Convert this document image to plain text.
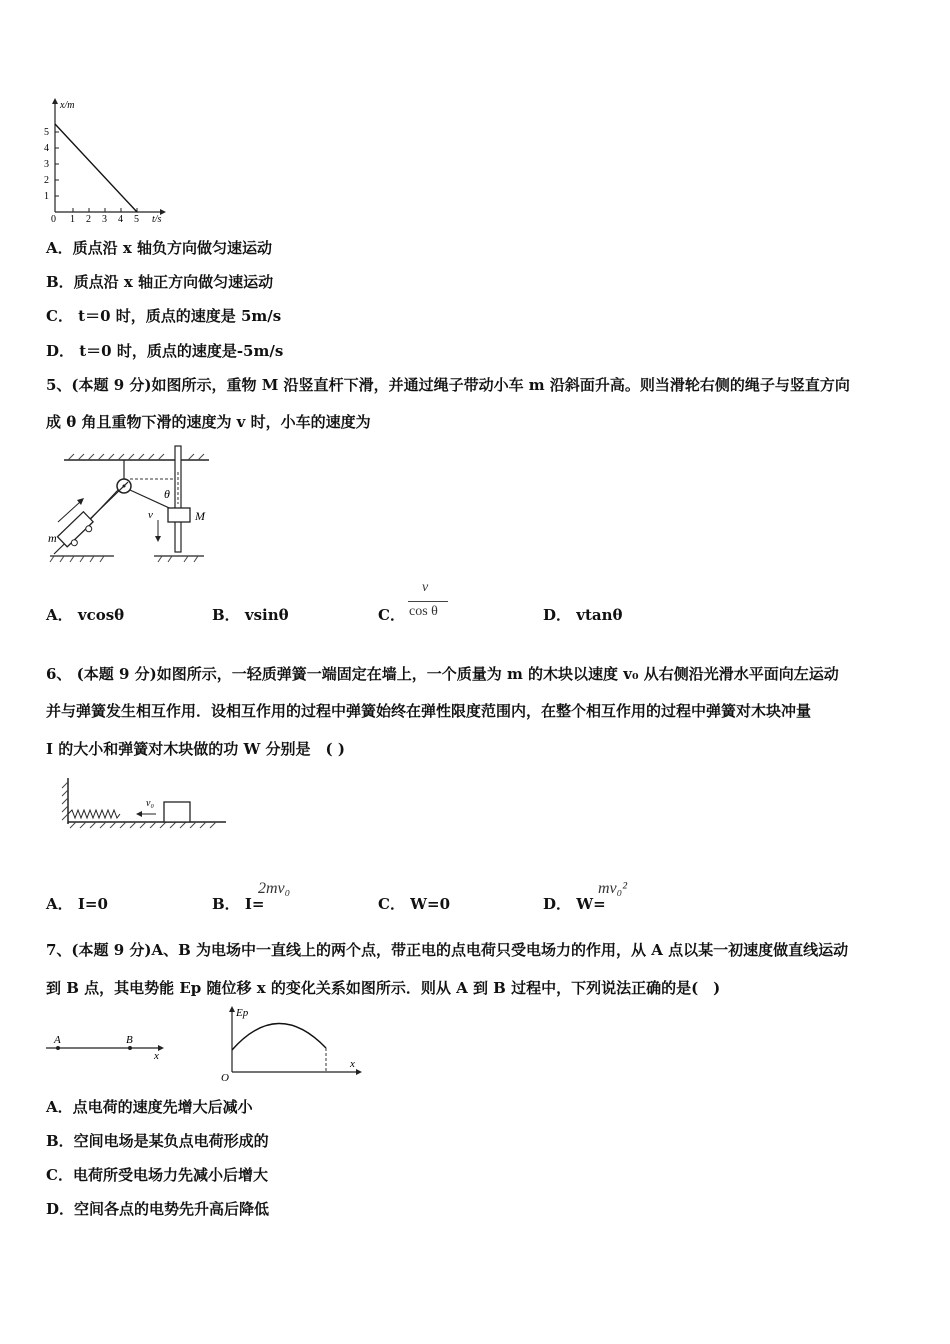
x/m
t/s
1
2
3
4
5
0 1 2 3 4 5
A．质点沿 x 轴负方向做匀速运动
B．质点沿 x 轴正方向做匀速运动
C． t＝0 时，质点的速度是 5m/s
D． t＝0 时，质点的速度是-5m/s
5、(本题 9 分)如图所示，重物 M 沿竖直杆下滑，并通过绳子带动小车 m 沿斜面升高。则当滑轮右侧的绳子与竖直方向
成 θ 角且重物下滑的速度为 v 时，小车的速度为
θ
M
v
m
A． vcosθ	B． vsinθ	C．
v
cos θ	D． vtanθ
6、 (本题 9 分)如图所示，一轻质弹簧一端固定在墙上，一个质量为 m 的木块以速度 v₀ 从右侧沿光滑水平面向左运动
并与弹簧发生相互作用．设相互作用的过程中弹簧始终在弹性限度范围内，在整个相互作用的过程中弹簧对木块冲量
I 的大小和弹簧对木块做的功 W 分别是　( )
v₀
A． I=0	B． I=
2mv₀
C． W=0	D． W=
mv₀²
7、(本题 9 分)A、B 为电场中一直线上的两个点，带正电的点电荷只受电场力的作用，从 A 点以某一初速度做直线运动
到 B 点，其电势能 Ep 随位移 x 的变化关系如图所示．则从 A 到 B 过程中，下列说法正确的是(　)
A	B
x
Ep
O
x
A．点电荷的速度先增大后减小
B．空间电场是某负点电荷形成的
C．电荷所受电场力先减小后增大
D．空间各点的电势先升高后降低
